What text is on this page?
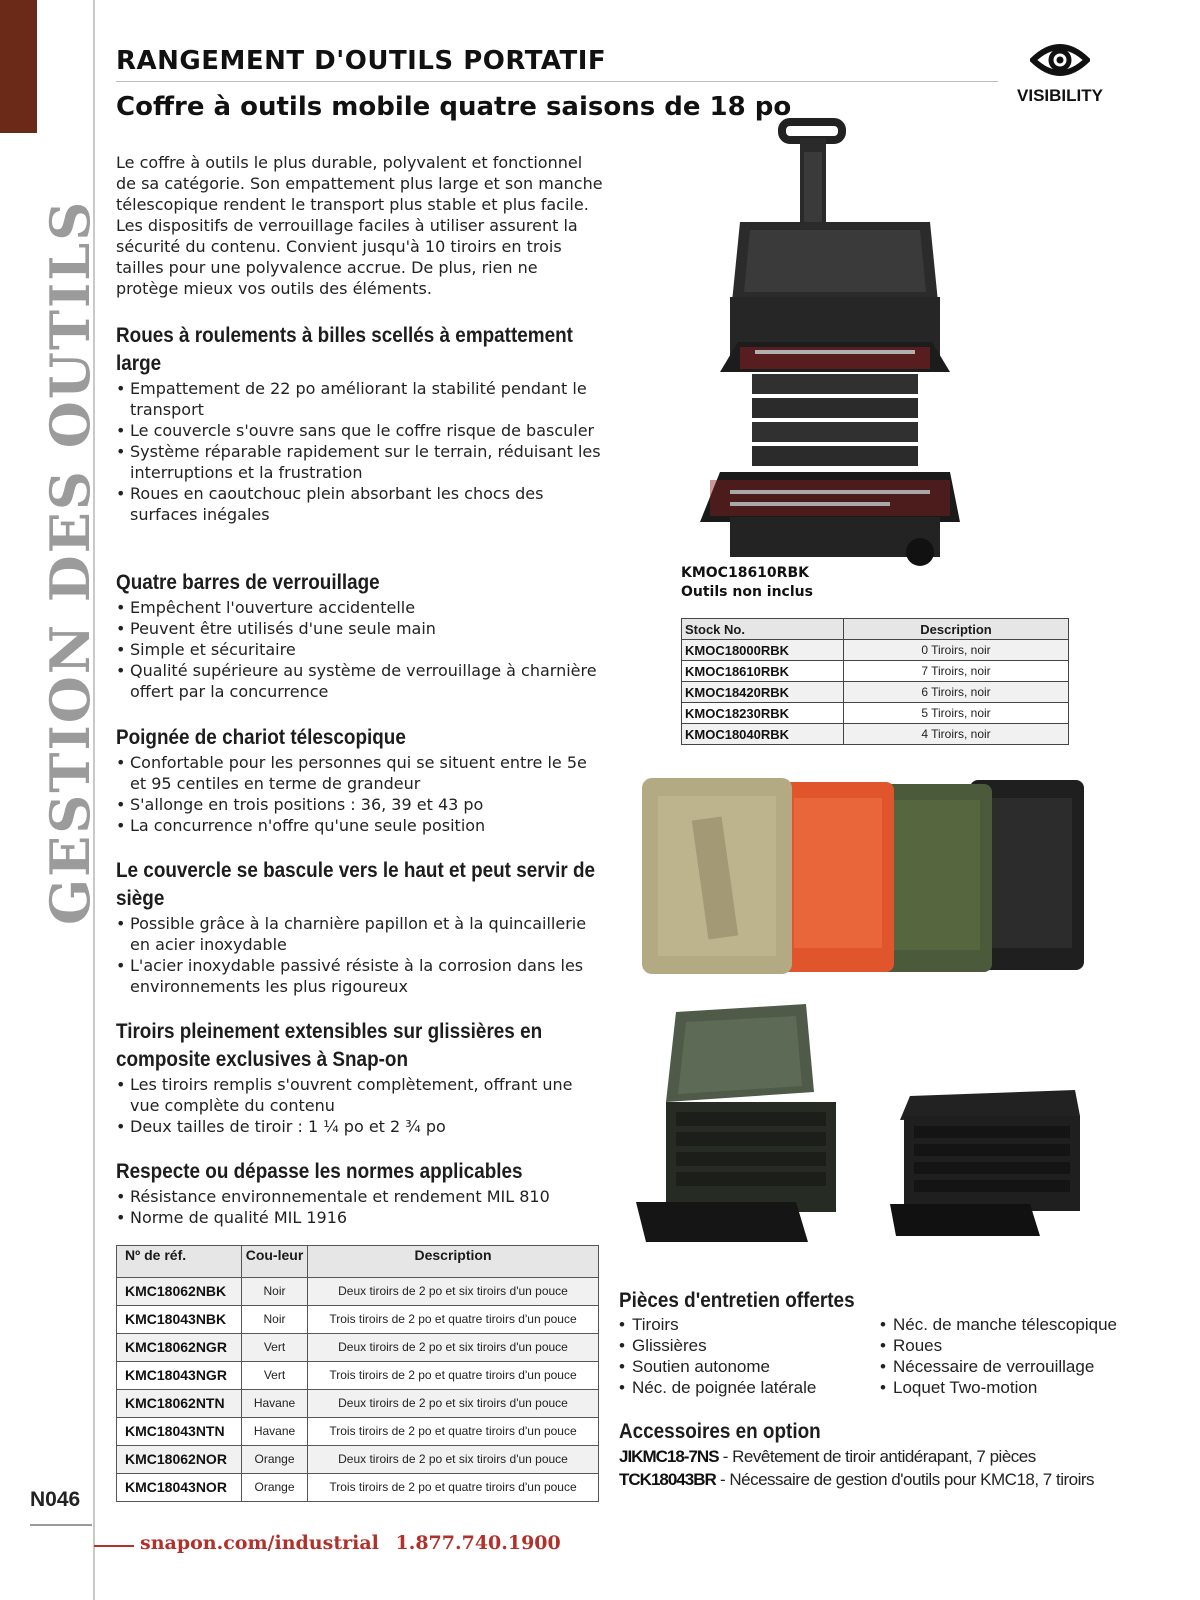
GESTION DES OUTILS
N046
RANGEMENT D'OUTILS PORTATIF
Coffre à outils mobile quatre saisons de 18 po	VISIBILITY
Le coffre à outils le plus durable, polyvalent et fonctionnel de sa catégorie. Son empattement plus large et son manche télescopique rendent le transport plus stable et plus facile. Les dispositifs de verrouillage faciles à utiliser assurent la sécurité du contenu. Convient jusqu'à 10 tiroirs en trois tailles pour une polyvalence accrue. De plus, rien ne protège mieux vos outils des éléments.
Roues à roulements à billes scellés à empattement large
• Empattement de 22 po améliorant la stabilité pendant le transport
• Le couvercle s'ouvre sans que le coffre risque de basculer
• Système réparable rapidement sur le terrain, réduisant les interruptions et la frustration
• Roues en caoutchouc plein absorbant les chocs des surfaces inégales
Quatre barres de verrouillage
• Empêchent l'ouverture accidentelle
• Peuvent être utilisés d'une seule main
• Simple et sécuritaire
• Qualité supérieure au système de verrouillage à charnière offert par la concurrence
Poignée de chariot télescopique
• Confortable pour les personnes qui se situent entre le 5e et 95 centiles en terme de grandeur
• S'allonge en trois positions : 36, 39 et 43 po
• La concurrence n'offre qu'une seule position
Le couvercle se bascule vers le haut et peut servir de siège
• Possible grâce à la charnière papillon et à la quincaillerie en acier inoxydable
• L'acier inoxydable passivé résiste à la corrosion dans les environnements les plus rigoureux
Tiroirs pleinement extensibles sur glissières en composite exclusives à Snap-on
• Les tiroirs remplis s'ouvrent complètement, offrant une vue complète du contenu
• Deux tailles de tiroir : 1 ¼ po et 2 ¾ po
Respecte ou dépasse les normes applicables
• Résistance environnementale et rendement MIL 810
• Norme de qualité MIL 1916
Nº de réf.	Cou-leur	Description
KMC18062NBK	Noir	Deux tiroirs de 2 po et six tiroirs d'un pouce
KMC18043NBK	Noir	Trois tiroirs de 2 po et quatre tiroirs d'un pouce
KMC18062NGR	Vert	Deux tiroirs de 2 po et six tiroirs d'un pouce
KMC18043NGR	Vert	Trois tiroirs de 2 po et quatre tiroirs d'un pouce
KMC18062NTN	Havane	Deux tiroirs de 2 po et six tiroirs d'un pouce
KMC18043NTN	Havane	Trois tiroirs de 2 po et quatre tiroirs d'un pouce
KMC18062NOR	Orange	Deux tiroirs de 2 po et six tiroirs d'un pouce
KMC18043NOR	Orange	Trois tiroirs de 2 po et quatre tiroirs d'un pouce
KMOC18610RBK
Outils non inclus
Stock No.	Description
KMOC18000RBK	0 Tiroirs, noir
KMOC18610RBK	7 Tiroirs, noir
KMOC18420RBK	6 Tiroirs, noir
KMOC18230RBK	5 Tiroirs, noir
KMOC18040RBK	4 Tiroirs, noir
Pièces d'entretien offertes
• Tiroirs
• Glissières
• Soutien autonome
• Néc. de poignée latérale
• Néc. de manche télescopique
• Roues
• Nécessaire de verrouillage
• Loquet Two-motion
Accessoires en option
JIKMC18-7NS - Revêtement de tiroir antidérapant, 7 pièces
TCK18043BR - Nécessaire de gestion d'outils pour KMC18, 7 tiroirs
snapon.com/industrial 1.877.740.1900
